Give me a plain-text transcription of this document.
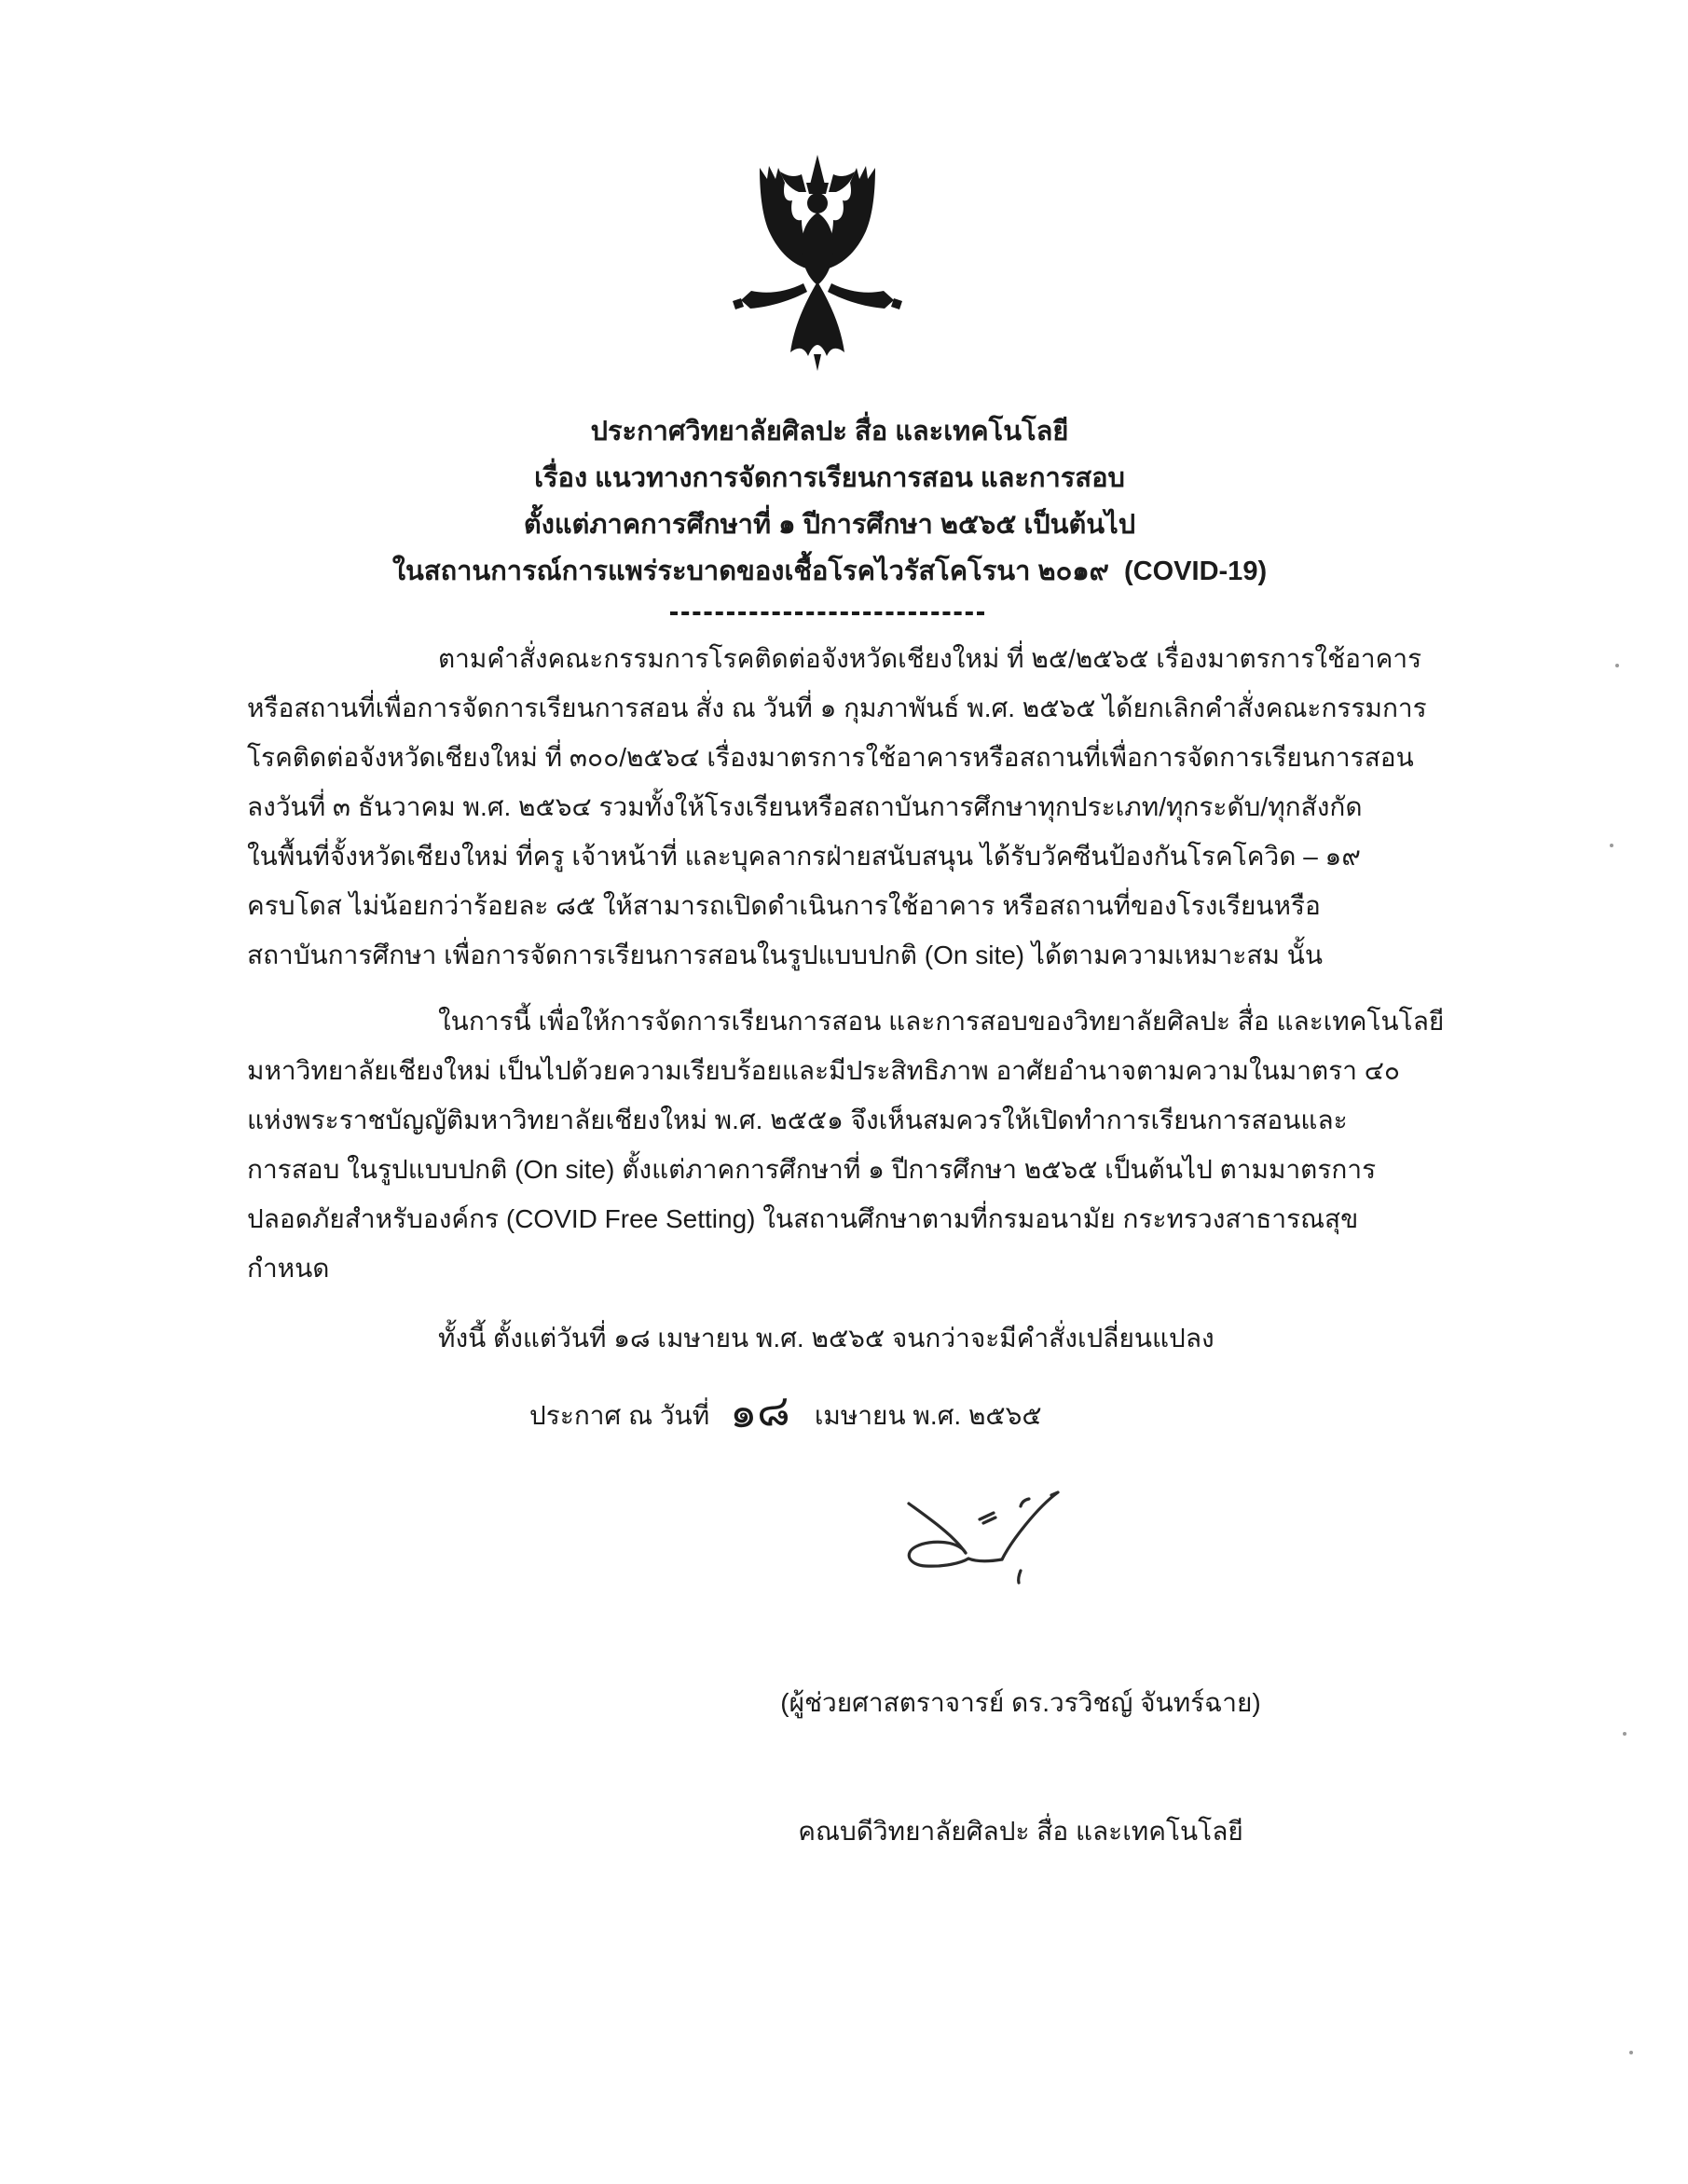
ประกาศวิทยาลัยศิลปะ สื่อ และเทคโนโลยี
เรื่อง แนวทางการจัดการเรียนการสอน และการสอบ
ตั้งแต่ภาคการศึกษาที่ ๑ ปีการศึกษา ๒๕๖๕ เป็นต้นไป
ในสถานการณ์การแพร่ระบาดของเชื้อโรคไวรัสโคโรนา ๒๐๑๙  (COVID-19)
ตามคำสั่งคณะกรรมการโรคติดต่อจังหวัดเชียงใหม่ ที่ ๒๕/๒๕๖๕ เรื่องมาตรการใช้อาคาร
หรือสถานที่เพื่อการจัดการเรียนการสอน สั่ง ณ วันที่ ๑ กุมภาพันธ์ พ.ศ. ๒๕๖๕ ได้ยกเลิกคำสั่งคณะกรรมการ
โรคติดต่อจังหวัดเชียงใหม่ ที่ ๓๐๐/๒๕๖๔ เรื่องมาตรการใช้อาคารหรือสถานที่เพื่อการจัดการเรียนการสอน
ลงวันที่ ๓ ธันวาคม พ.ศ. ๒๕๖๔ รวมทั้งให้โรงเรียนหรือสถาบันการศึกษาทุกประเภท/ทุกระดับ/ทุกสังกัด
ในพื้นที่จั้งหวัดเชียงใหม่ ที่ครู เจ้าหน้าที่ และบุคลากรฝ่ายสนับสนุน ได้รับวัคซีนป้องกันโรคโควิด – ๑๙
ครบโดส ไม่น้อยกว่าร้อยละ ๘๕ ให้สามารถเปิดดำเนินการใช้อาคาร หรือสถานที่ของโรงเรียนหรือ
สถาบันการศึกษา เพื่อการจัดการเรียนการสอนในรูปแบบปกติ (On site) ได้ตามความเหมาะสม นั้น
ในการนี้ เพื่อให้การจัดการเรียนการสอน และการสอบของวิทยาลัยศิลปะ สื่อ และเทคโนโลยี
มหาวิทยาลัยเชียงใหม่ เป็นไปด้วยความเรียบร้อยและมีประสิทธิภาพ อาศัยอำนาจตามความในมาตรา ๔๐
แห่งพระราชบัญญัติมหาวิทยาลัยเชียงใหม่ พ.ศ. ๒๕๕๑ จึงเห็นสมควรให้เปิดทำการเรียนการสอนและ
การสอบ ในรูปแบบปกติ (On site) ตั้งแต่ภาคการศึกษาที่ ๑ ปีการศึกษา ๒๕๖๕ เป็นต้นไป ตามมาตรการ
ปลอดภัยสำหรับองค์กร (COVID Free Setting) ในสถานศึกษาตามที่กรมอนามัย กระทรวงสาธารณสุข
กำหนด
ทั้งนี้ ตั้งแต่วันที่ ๑๘ เมษายน พ.ศ. ๒๕๖๕ จนกว่าจะมีคำสั่งเปลี่ยนแปลง
ประกาศ ณ วันที่ ๑๘ เมษายน พ.ศ. ๒๕๖๕

(ผู้ช่วยศาสตราจารย์ ดร.วรวิชญ์ จันทร์ฉาย)

คณบดีวิทยาลัยศิลปะ สื่อ และเทคโนโลยี
